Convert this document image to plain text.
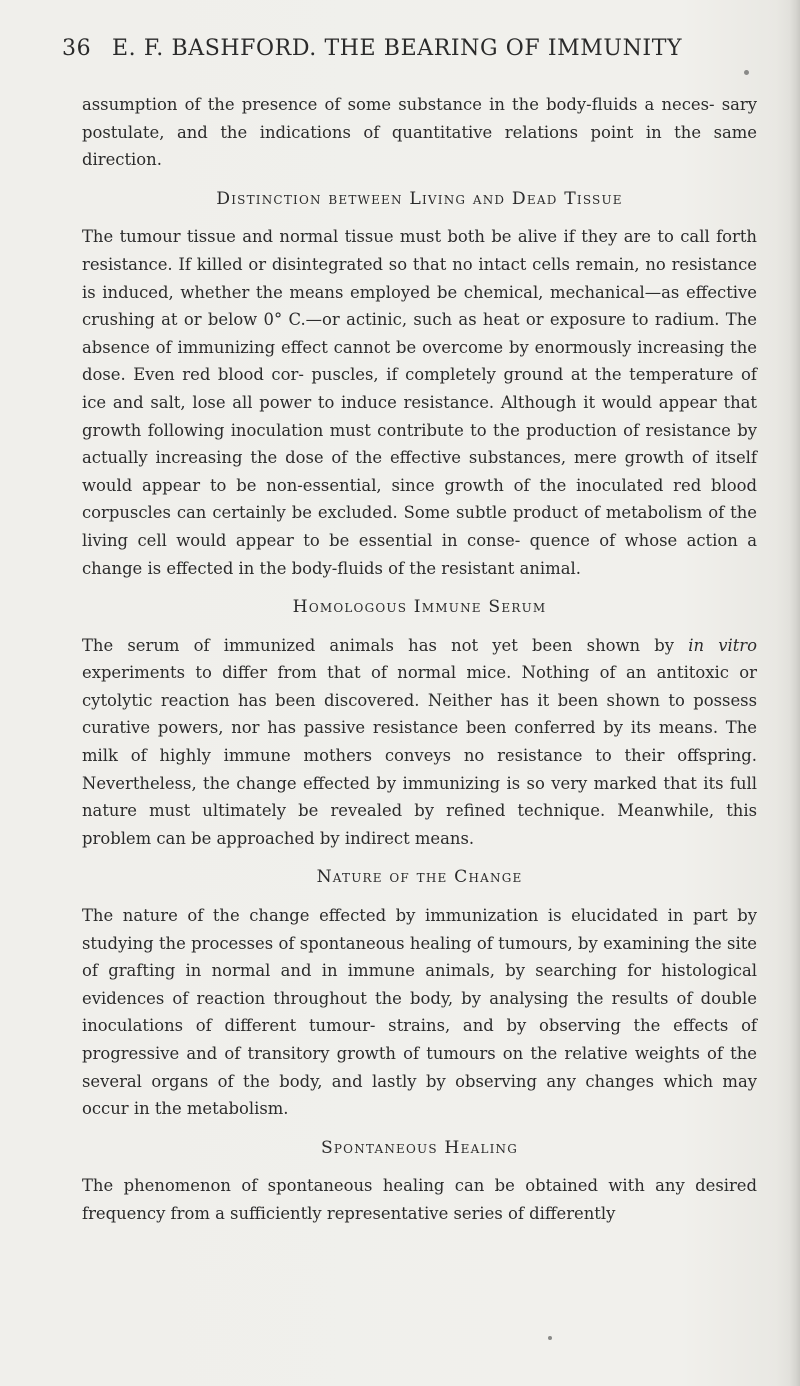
36 E. F. BASHFORD. THE BEARING OF IMMUNITY

assumption of the presence of some substance in the body-fluids a neces- sary postulate, and the indications of quantitative relations point in the same direction.

Distinction between Living and Dead Tissue

The tumour tissue and normal tissue must both be alive if they are to call forth resistance. If killed or disintegrated so that no intact cells remain, no resistance is induced, whether the means employed be chemical, mechanical—as effective crushing at or below 0° C.—or actinic, such as heat or exposure to radium. The absence of immunizing effect cannot be overcome by enormously increasing the dose. Even red blood cor- puscles, if completely ground at the temperature of ice and salt, lose all power to induce resistance. Although it would appear that growth following inoculation must contribute to the production of resistance by actually increasing the dose of the effective substances, mere growth of itself would appear to be non-essential, since growth of the inoculated red blood corpuscles can certainly be excluded. Some subtle product of metabolism of the living cell would appear to be essential in conse- quence of whose action a change is effected in the body-fluids of the resistant animal.

Homologous Immune Serum

The serum of immunized animals has not yet been shown by in vitro experiments to differ from that of normal mice. Nothing of an antitoxic or cytolytic reaction has been discovered. Neither has it been shown to possess curative powers, nor has passive resistance been conferred by its means. The milk of highly immune mothers conveys no resistance to their offspring. Nevertheless, the change effected by immunizing is so very marked that its full nature must ultimately be revealed by refined technique. Meanwhile, this problem can be approached by indirect means.

Nature of the Change

The nature of the change effected by immunization is elucidated in part by studying the processes of spontaneous healing of tumours, by examining the site of grafting in normal and in immune animals, by searching for histological evidences of reaction throughout the body, by analysing the results of double inoculations of different tumour- strains, and by observing the effects of progressive and of transitory growth of tumours on the relative weights of the several organs of the body, and lastly by observing any changes which may occur in the metabolism.

Spontaneous Healing

The phenomenon of spontaneous healing can be obtained with any desired frequency from a sufficiently representative series of differently
